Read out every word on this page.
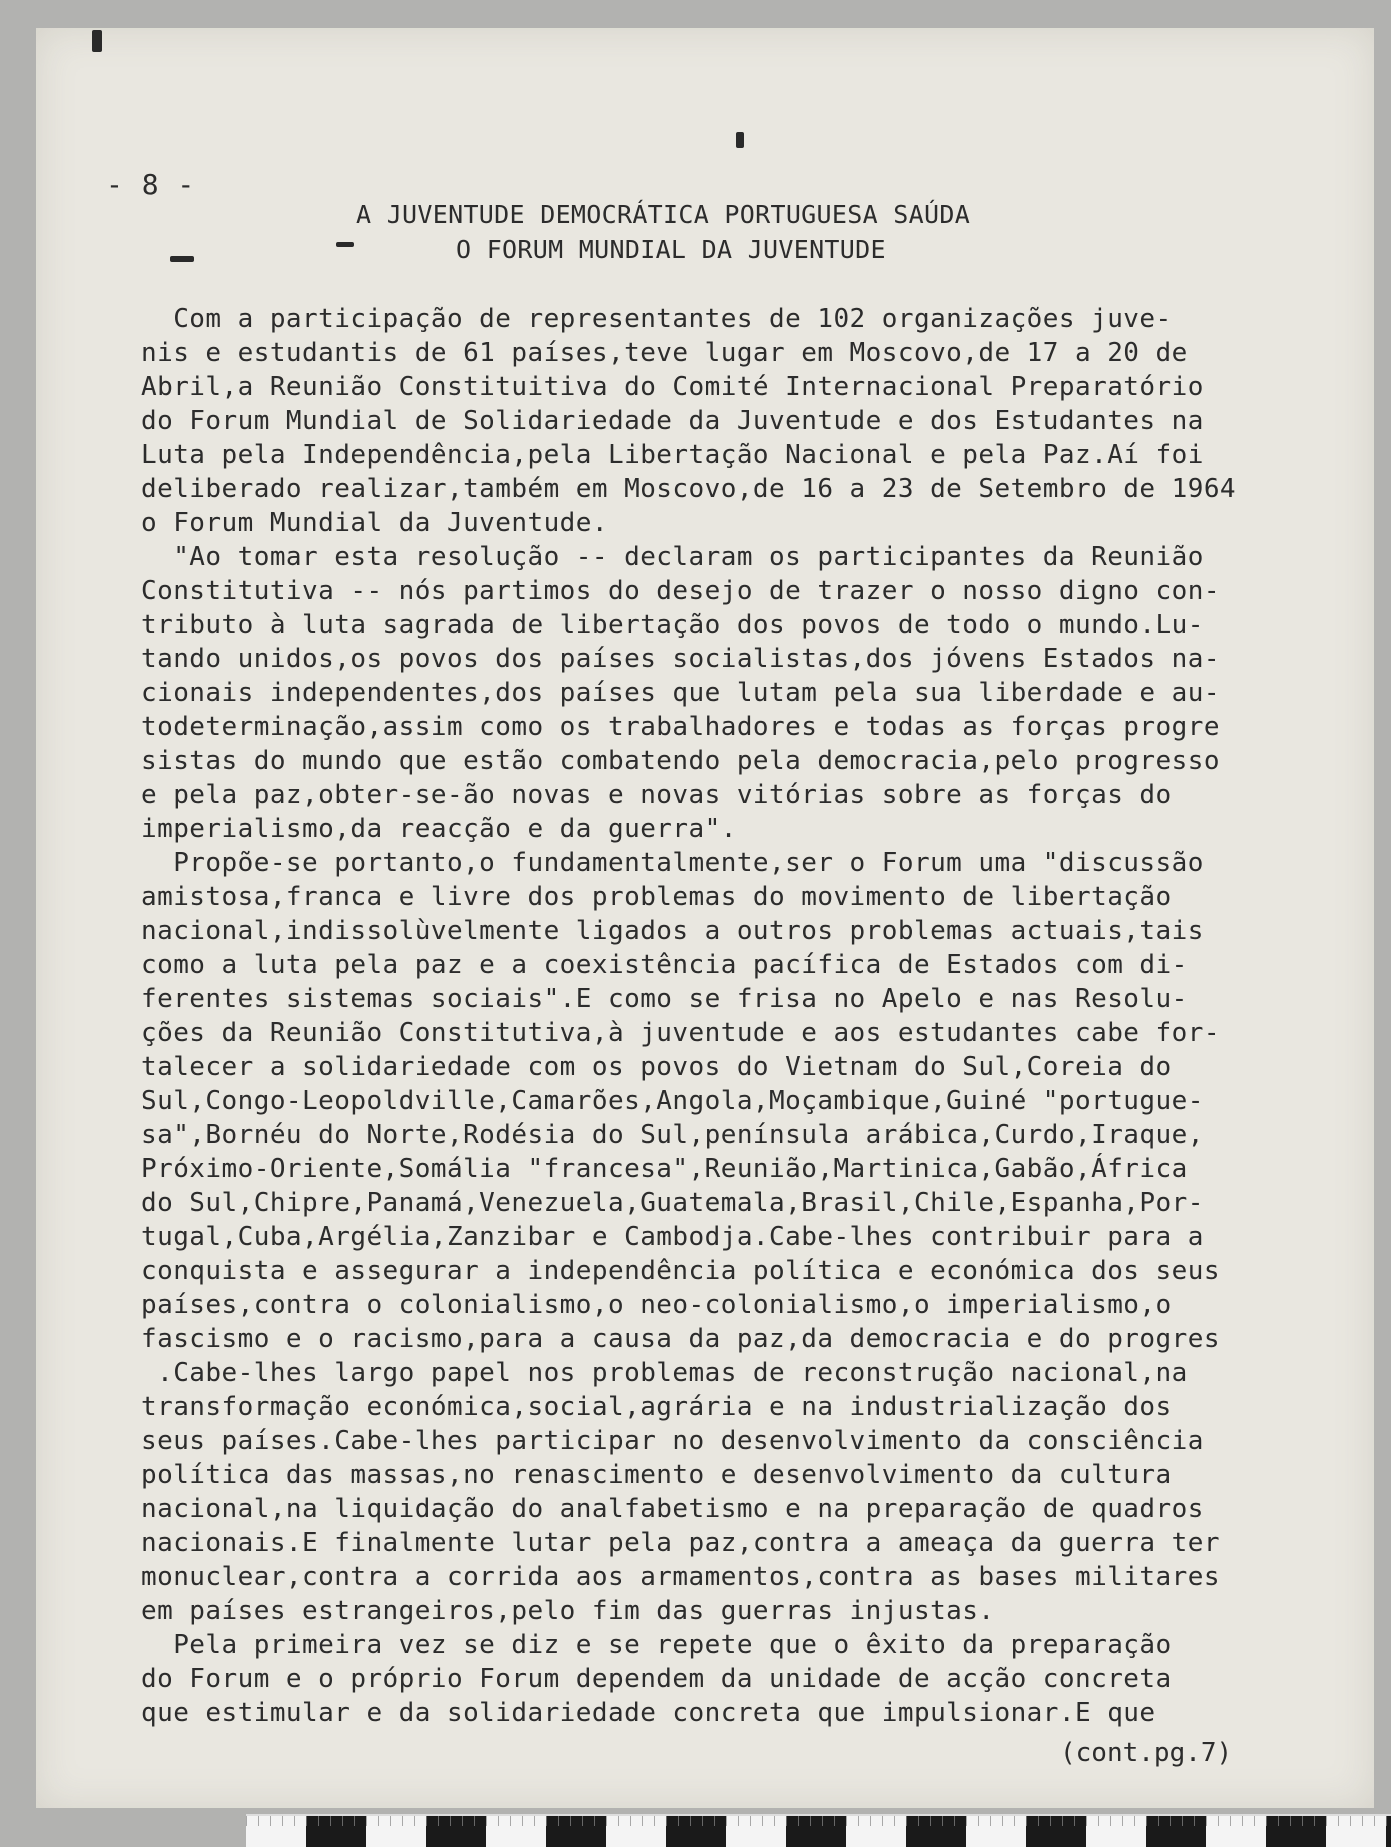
- 8 -
A JUVENTUDE DEMOCRÁTICA PORTUGUESA SAÚDA
O FORUM MUNDIAL DA JUVENTUDE
Com a participação de representantes de 102 organizações juve-
nis e estudantis de 61 países,teve lugar em Moscovo,de 17 a 20 de
Abril,a Reunião Constituitiva do Comité Internacional Preparatório
do Forum Mundial de Solidariedade da Juventude e dos Estudantes na
Luta pela Independência,pela Libertação Nacional e pela Paz.Aí foi
deliberado realizar,também em Moscovo,de 16 a 23 de Setembro de 1964
o Forum Mundial da Juventude.
"Ao tomar esta resolução -- declaram os participantes da Reunião
Constitutiva -- nós partimos do desejo de trazer o nosso digno con-
tributo à luta sagrada de libertação dos povos de todo o mundo.Lu-
tando unidos,os povos dos países socialistas,dos jóvens Estados na-
cionais independentes,dos países que lutam pela sua liberdade e au-
todeterminação,assim como os trabalhadores e todas as forças progre
sistas do mundo que estão combatendo pela democracia,pelo progresso
e pela paz,obter-se-ão novas e novas vitórias sobre as forças do
imperialismo,da reacção e da guerra".
Propõe-se portanto,o fundamentalmente,ser o Forum uma "discussão
amistosa,franca e livre dos problemas do movimento de libertação
nacional,indissolùvelmente ligados a outros problemas actuais,tais
como a luta pela paz e a coexistência pacífica de Estados com di-
ferentes sistemas sociais".E como se frisa no Apelo e nas Resolu-
ções da Reunião Constitutiva,à juventude e aos estudantes cabe for-
talecer a solidariedade com os povos do Vietnam do Sul,Coreia do
Sul,Congo-Leopoldville,Camarões,Angola,Moçambique,Guiné "portugue-
sa",Bornéu do Norte,Rodésia do Sul,península arábica,Curdo,Iraque,
Próximo-Oriente,Somália "francesa",Reunião,Martinica,Gabão,África
do Sul,Chipre,Panamá,Venezuela,Guatemala,Brasil,Chile,Espanha,Por-
tugal,Cuba,Argélia,Zanzibar e Cambodja.Cabe-lhes contribuir para a
conquista e assegurar a independência política e económica dos seus
países,contra o colonialismo,o neo-colonialismo,o imperialismo,o
fascismo e o racismo,para a causa da paz,da democracia e do progres
.Cabe-lhes largo papel nos problemas de reconstrução nacional,na
transformação económica,social,agrária e na industrialização dos
seus países.Cabe-lhes participar no desenvolvimento da consciência
política das massas,no renascimento e desenvolvimento da cultura
nacional,na liquidação do analfabetismo e na preparação de quadros
nacionais.E finalmente lutar pela paz,contra a ameaça da guerra ter
monuclear,contra a corrida aos armamentos,contra as bases militares
em países estrangeiros,pelo fim das guerras injustas.
Pela primeira vez se diz e se repete que o êxito da preparação
do Forum e o próprio Forum dependem da unidade de acção concreta
que estimular e da solidariedade concreta que impulsionar.E que
(cont.pg.7)
